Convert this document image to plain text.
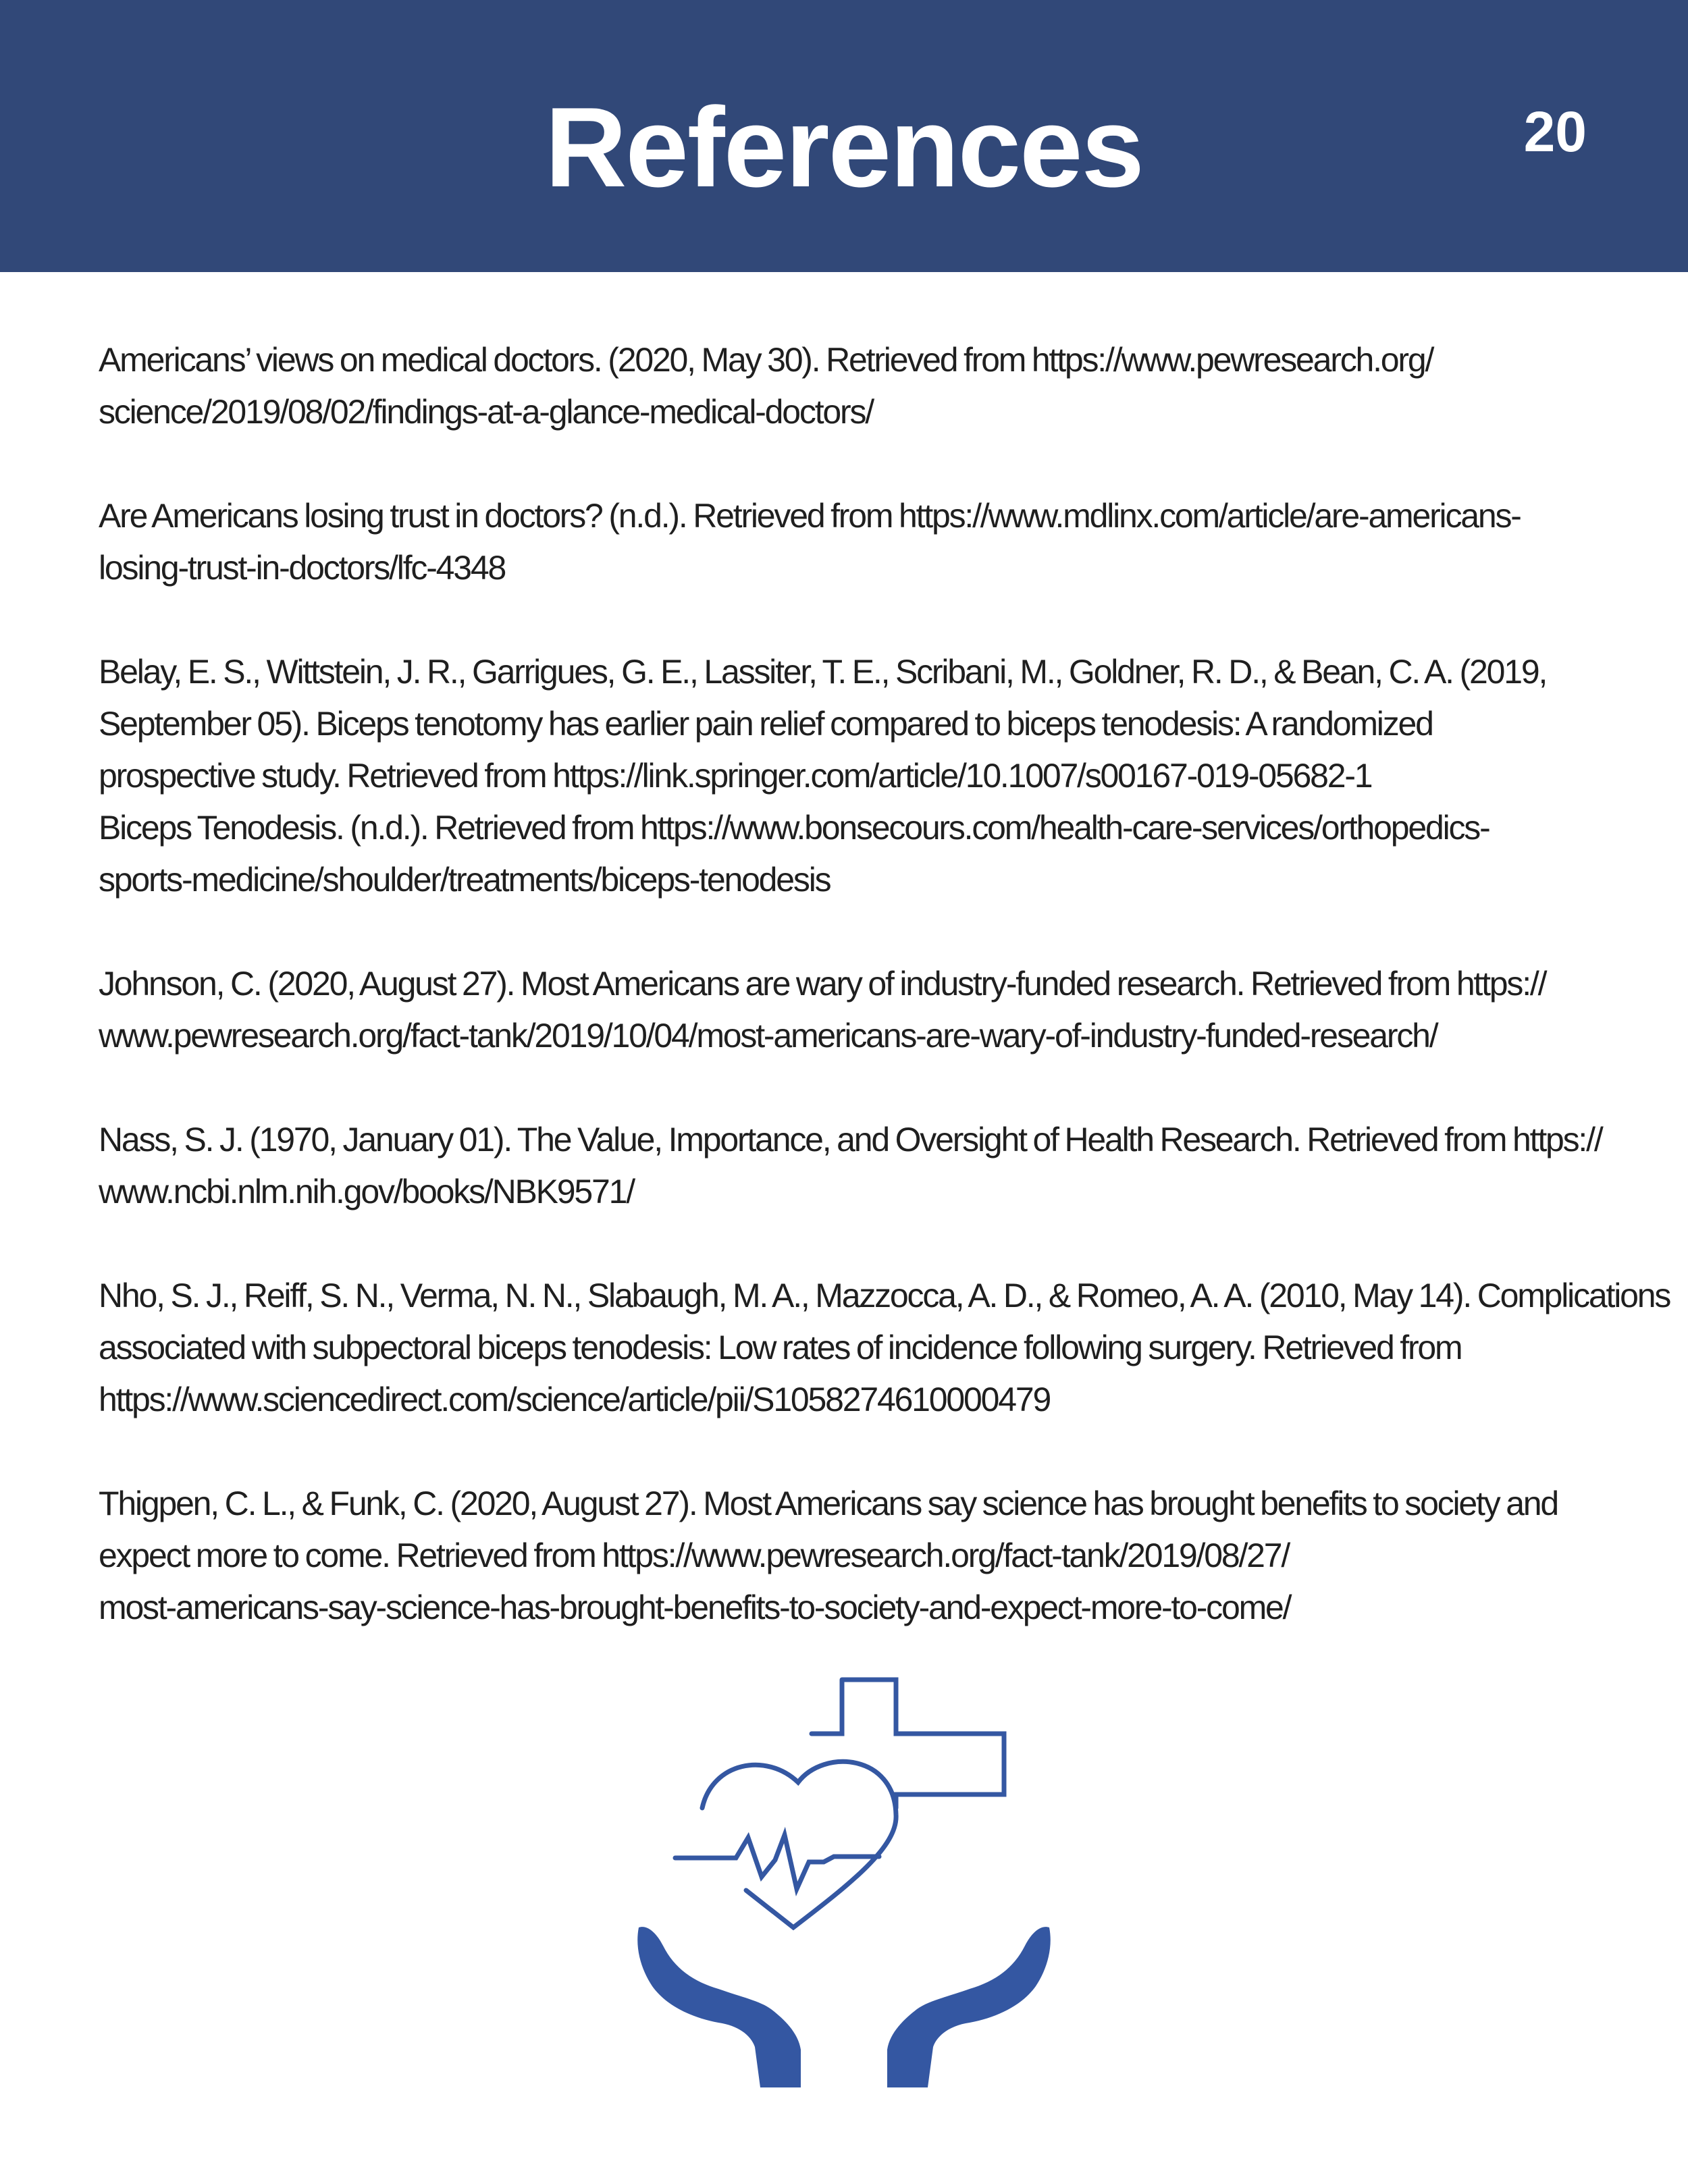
References	20
Americans’ views on medical doctors. (2020, May 30). Retrieved from https://www.pewresearch.org/
science/2019/08/02/findings-at-a-glance-medical-doctors/
Are Americans losing trust in doctors? (n.d.). Retrieved from https://www.mdlinx.com/article/are-americans-
losing-trust-in-doctors/lfc-4348
Belay, E. S., Wittstein, J. R., Garrigues, G. E., Lassiter, T. E., Scribani, M., Goldner, R. D., & Bean, C. A. (2019,
September 05). Biceps tenotomy has earlier pain relief compared to biceps tenodesis: A randomized
prospective study. Retrieved from https://link.springer.com/article/10.1007/s00167-019-05682-1
Biceps Tenodesis. (n.d.). Retrieved from https://www.bonsecours.com/health-care-services/orthopedics-
sports-medicine/shoulder/treatments/biceps-tenodesis
Johnson, C. (2020, August 27). Most Americans are wary of industry-funded research. Retrieved from https://
www.pewresearch.org/fact-tank/2019/10/04/most-americans-are-wary-of-industry-funded-research/
Nass, S. J. (1970, January 01). The Value, Importance, and Oversight of Health Research. Retrieved from https://
www.ncbi.nlm.nih.gov/books/NBK9571/
Nho, S. J., Reiff, S. N., Verma, N. N., Slabaugh, M. A., Mazzocca, A. D., & Romeo, A. A. (2010, May 14). Complications
associated with subpectoral biceps tenodesis: Low rates of incidence following surgery. Retrieved from
https://www.sciencedirect.com/science/article/pii/S1058274610000479
Thigpen, C. L., & Funk, C. (2020, August 27). Most Americans say science has brought benefits to society and
expect more to come. Retrieved from https://www.pewresearch.org/fact-tank/2019/08/27/
most-americans-say-science-has-brought-benefits-to-society-and-expect-more-to-come/
